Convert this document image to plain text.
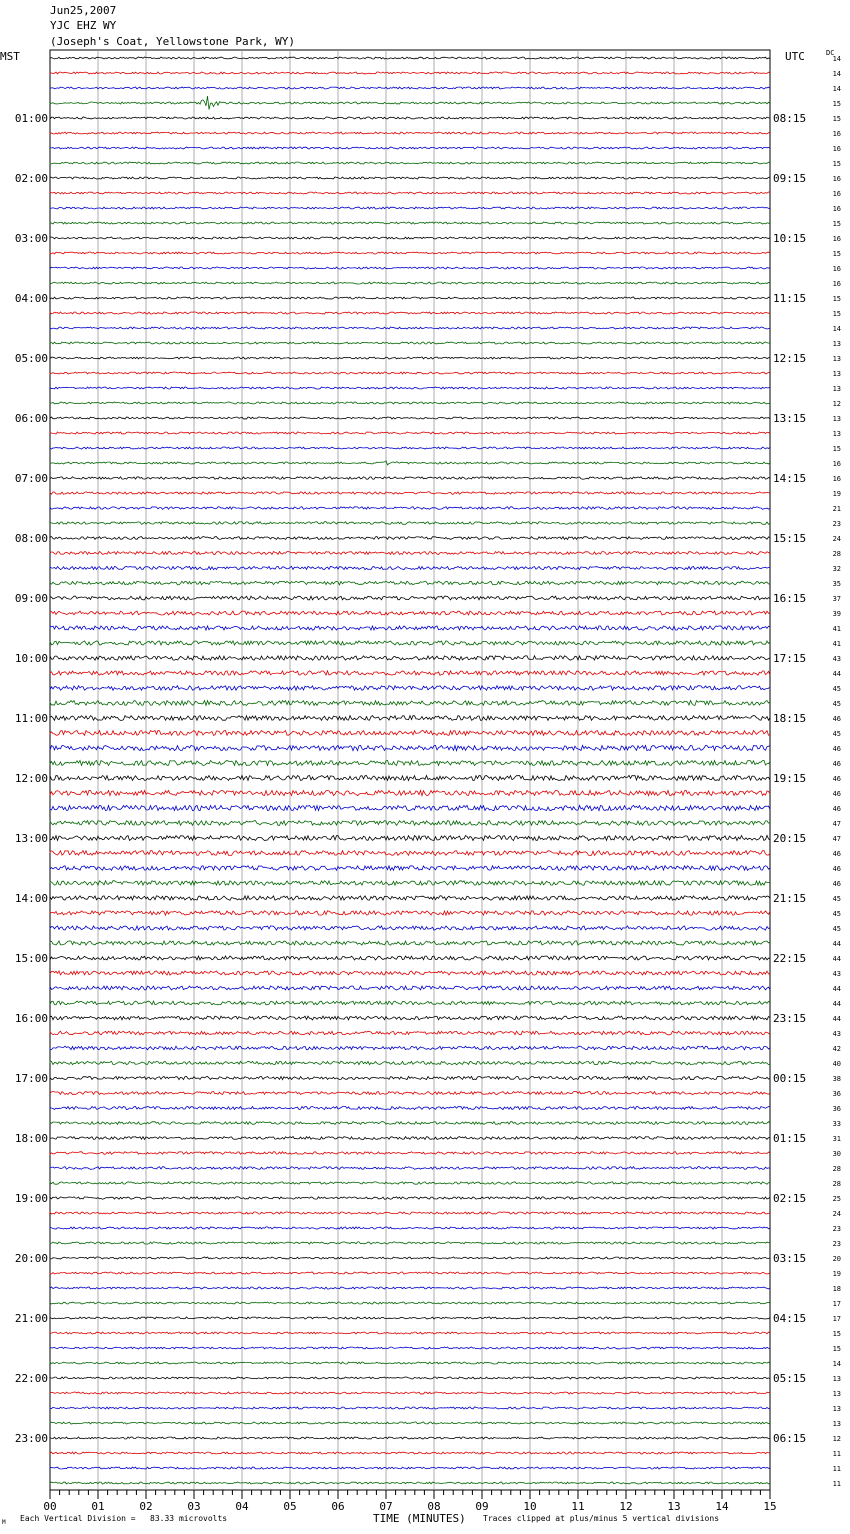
Jun25,2007
YJC EHZ WY
(Joseph's Coat, Yellowstone Park, WY)
MST	UTC	DC
14
14
14
15
15
16
16
15
16
16
16
15
16
15
16
16
15
15
14
13
13
13
13
12
13
13
15
16
16
19
21
23
24
28
32
35
37
39
41
41
43
44
45
45
46
45
46
46
46
46
46
47
47
46
46
46
45
45
45
44
44
43
44
44
44
43
42
40
38
36
36
33
31
30
28
28
25
24
23
23
20
19
18
17
17
15
15
14
13
13
13
13
12
11
11
11
01:00
02:00
03:00
04:00
05:00
06:00
07:00
08:00
09:00
10:00
11:00
12:00
13:00
14:00
15:00
16:00
17:00
18:00
19:00
20:00
21:00
22:00
23:00
08:15
09:15
10:15
11:15
12:15
13:15
14:15
15:15
16:15
17:15
18:15
19:15
20:15
21:15
22:15
23:15
00:15
01:15
02:15
03:15
04:15
05:15
06:15
00	01	02	03	04	05	06	07	08	09	10	11	12	13	14	15
M Each Vertical Division =   83.33 microvolts	TIME (MINUTES) Traces clipped at plus/minus 5 vertical divisions
